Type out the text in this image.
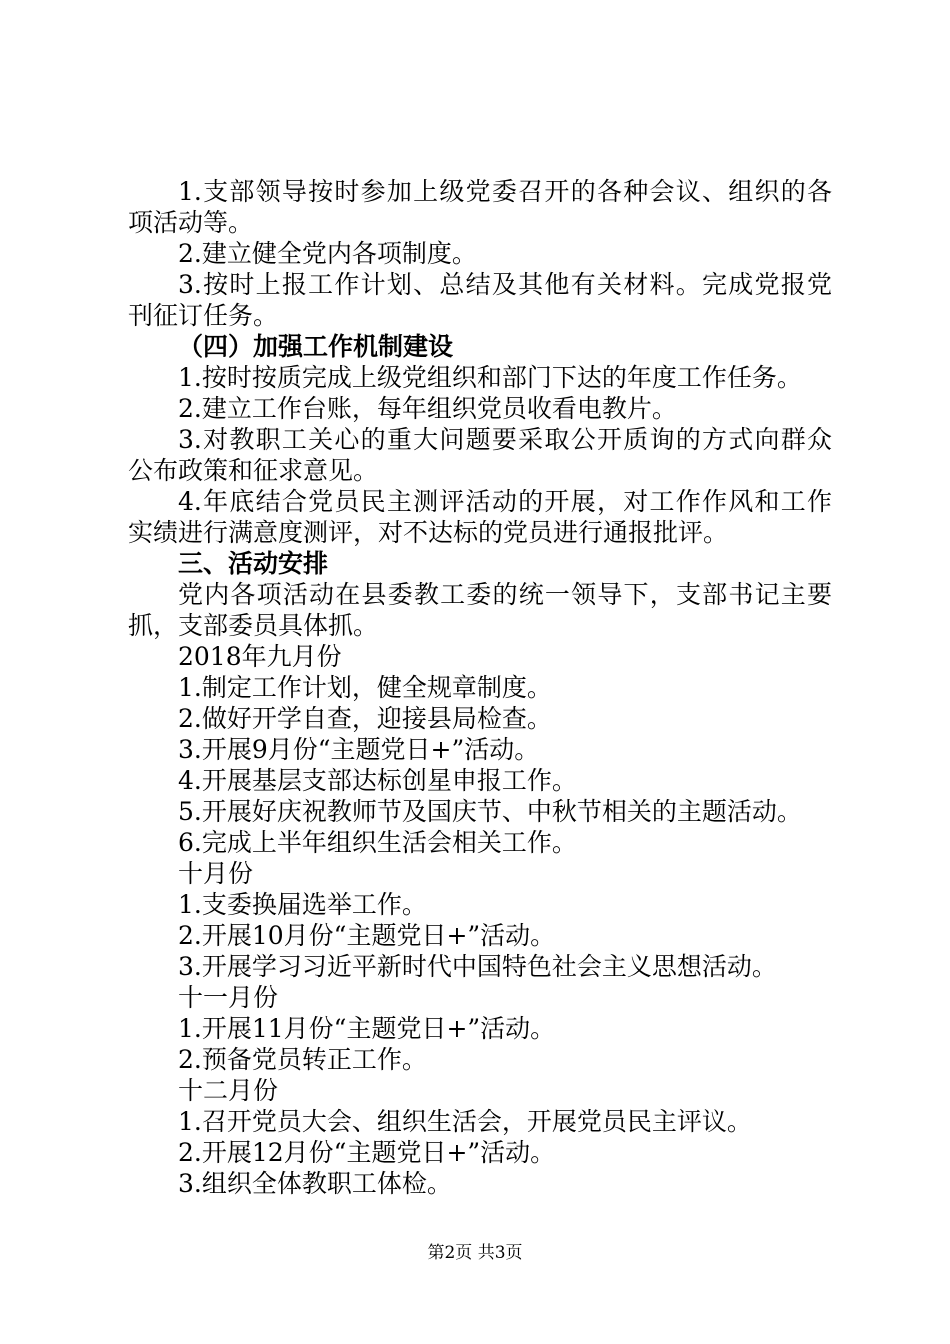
1.支部领导按时参加上级党委召开的各种会议、组织的各
项活动等。
2.建立健全党内各项制度。
3.按时上报工作计划、总结及其他有关材料。完成党报党
刊征订任务。
（四）加强工作机制建设
1.按时按质完成上级党组织和部门下达的年度工作任务。
2.建立工作台账，每年组织党员收看电教片。
3.对教职工关心的重大问题要采取公开质询的方式向群众
公布政策和征求意见。
4.年底结合党员民主测评活动的开展，对工作作风和工作
实绩进行满意度测评，对不达标的党员进行通报批评。
三、活动安排
党内各项活动在县委教工委的统一领导下，支部书记主要
抓，支部委员具体抓。
2018年九月份
1.制定工作计划，健全规章制度。
2.做好开学自查，迎接县局检查。
3.开展9月份“主题党日+”活动。
4.开展基层支部达标创星申报工作。
5.开展好庆祝教师节及国庆节、中秋节相关的主题活动。
6.完成上半年组织生活会相关工作。
十月份
1.支委换届选举工作。
2.开展10月份“主题党日+”活动。
3.开展学习习近平新时代中国特色社会主义思想活动。
十一月份
1.开展11月份“主题党日+”活动。
2.预备党员转正工作。
十二月份
1.召开党员大会、组织生活会，开展党员民主评议。
2.开展12月份“主题党日+”活动。
3.组织全体教职工体检。
第2页 共3页
